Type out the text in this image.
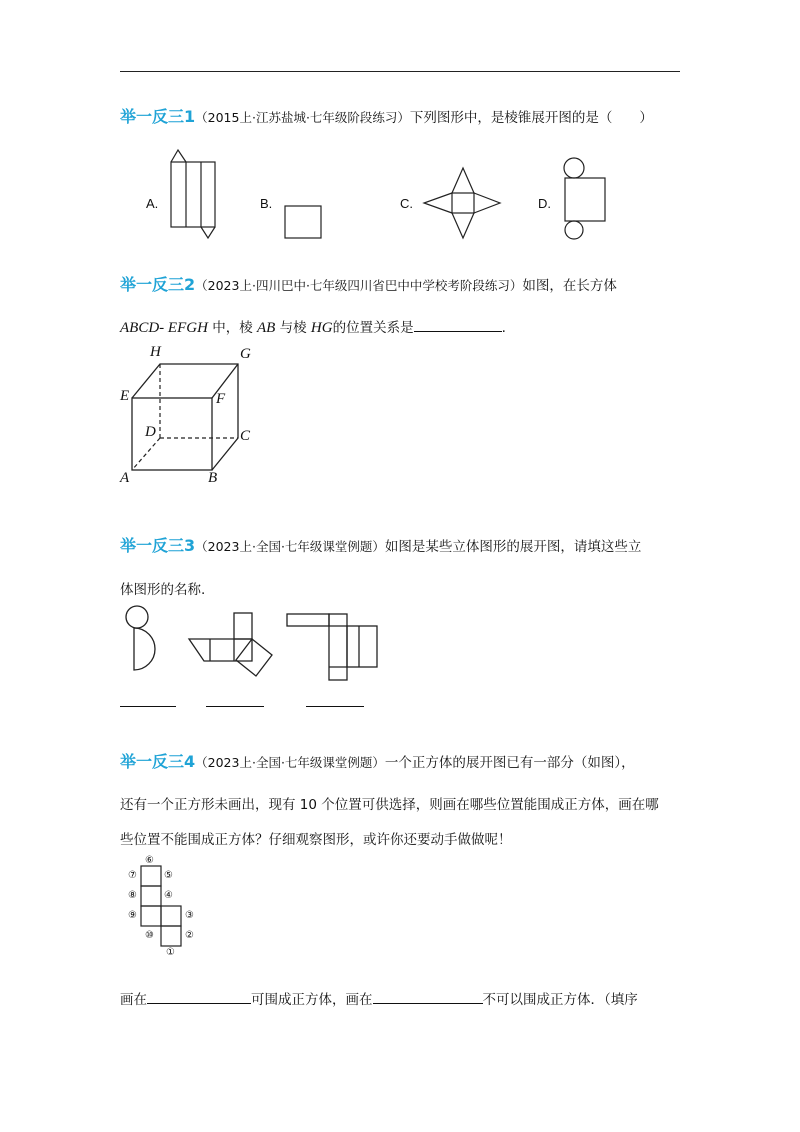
举一反三1（2015上·江苏盐城·七年级阶段练习）下列图形中，是棱锥展开图的是（　　）
A.	B.	C.	D.
举一反三2（2023上·四川巴中·七年级四川省巴中中学校考阶段练习）如图，在长方体
ABCD- EFGH 中，棱 AB 与棱 HG的位置关系是	.
H	G
E	F
D	C
A	B
举一反三3（2023上·全国·七年级课堂例题）如图是某些立体图形的展开图，请填这些立
体图形的名称.
举一反三4（2023上·全国·七年级课堂例题）一个正方体的展开图已有一部分（如图），
还有一个正方形未画出，现有 10 个位置可供选择，则画在哪些位置能围成正方体，画在哪
些位置不能围成正方体？仔细观察图形，或许你还要动手做做呢！
⑥
⑦	⑤
⑧	④
⑨	③
⑩	②
①
画在	可围成正方体，画在	不可以围成正方体．（填序
